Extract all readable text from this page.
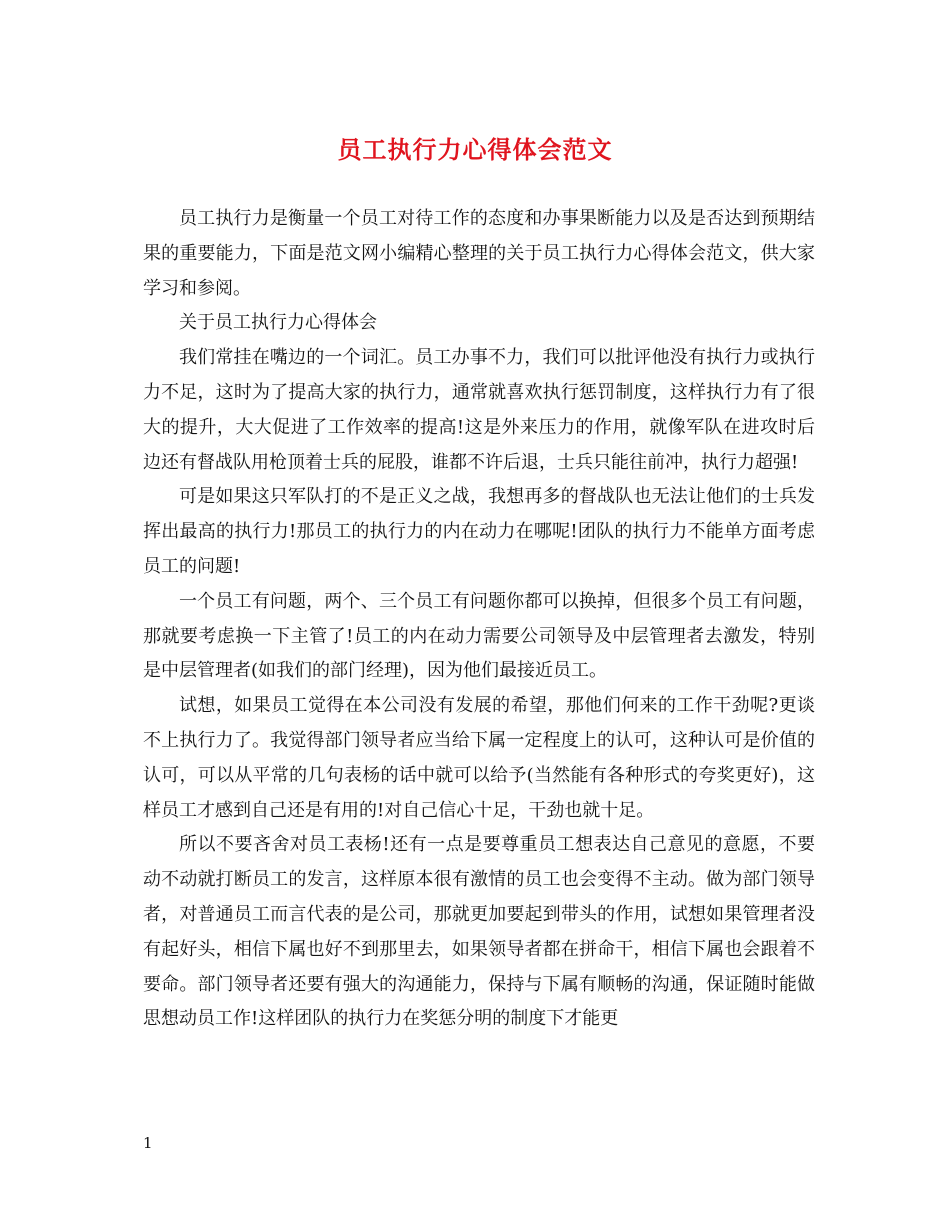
员工执行力心得体会范文

员工执行力是衡量一个员工对待工作的态度和办事果断能力以及是否达到预期结果的重要能力，下面是范文网小编精心整理的关于员工执行力心得体会范文，供大家学习和参阅。

关于员工执行力心得体会

我们常挂在嘴边的一个词汇。员工办事不力，我们可以批评他没有执行力或执行力不足，这时为了提高大家的执行力，通常就喜欢执行惩罚制度，这样执行力有了很大的提升，大大促进了工作效率的提高!这是外来压力的作用，就像军队在进攻时后边还有督战队用枪顶着士兵的屁股，谁都不许后退，士兵只能往前冲，执行力超强!

可是如果这只军队打的不是正义之战，我想再多的督战队也无法让他们的士兵发挥出最高的执行力!那员工的执行力的内在动力在哪呢!团队的执行力不能单方面考虑员工的问题!

一个员工有问题，两个、三个员工有问题你都可以换掉，但很多个员工有问题，那就要考虑换一下主管了!员工的内在动力需要公司领导及中层管理者去激发，特别是中层管理者(如我们的部门经理)，因为他们最接近员工。

试想，如果员工觉得在本公司没有发展的希望，那他们何来的工作干劲呢?更谈不上执行力了。我觉得部门领导者应当给下属一定程度上的认可，这种认可是价值的认可，可以从平常的几句表杨的话中就可以给予(当然能有各种形式的夸奖更好)，这样员工才感到自己还是有用的!对自己信心十足，干劲也就十足。

所以不要吝舍对员工表杨!还有一点是要尊重员工想表达自己意见的意愿，不要动不动就打断员工的发言，这样原本很有激情的员工也会变得不主动。做为部门领导者，对普通员工而言代表的是公司，那就更加要起到带头的作用，试想如果管理者没有起好头，相信下属也好不到那里去，如果领导者都在拼命干，相信下属也会跟着不要命。部门领导者还要有强大的沟通能力，保持与下属有顺畅的沟通，保证随时能做思想动员工作!这样团队的执行力在奖惩分明的制度下才能更

1
